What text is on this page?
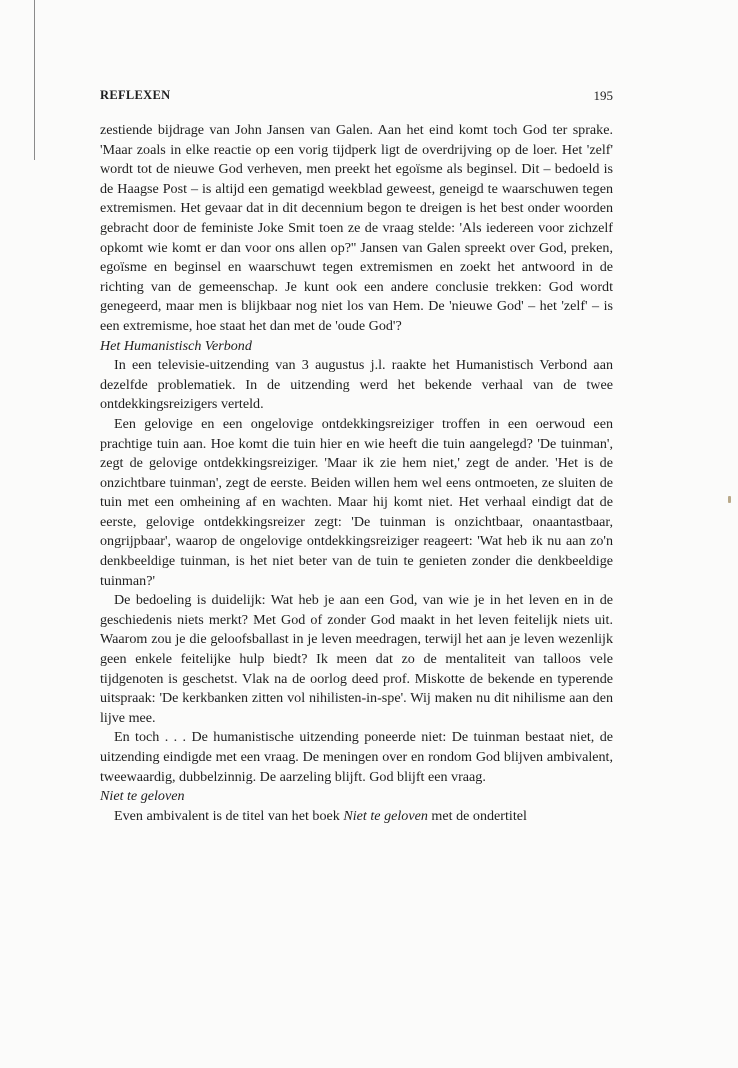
REFLEXEN	195

zestiende bijdrage van John Jansen van Galen. Aan het eind komt toch God ter sprake. 'Maar zoals in elke reactie op een vorig tijdperk ligt de overdrijving op de loer. Het 'zelf' wordt tot de nieuwe God verheven, men preekt het egoïsme als beginsel. Dit – bedoeld is de Haagse Post – is altijd een gematigd weekblad geweest, geneigd te waarschuwen tegen extremismen. Het gevaar dat in dit decennium begon te dreigen is het best onder woorden gebracht door de feministe Joke Smit toen ze de vraag stelde: 'Als iedereen voor zichzelf opkomt wie komt er dan voor ons allen op?'' Jansen van Galen spreekt over God, preken, egoïsme en beginsel en waarschuwt tegen extremismen en zoekt het antwoord in de richting van de gemeenschap. Je kunt ook een andere conclusie trekken: God wordt genegeerd, maar men is blijkbaar nog niet los van Hem. De 'nieuwe God' – het 'zelf' – is een extremisme, hoe staat het dan met de 'oude God'?

Het Humanistisch Verbond

In een televisie-uitzending van 3 augustus j.l. raakte het Humanistisch Verbond aan dezelfde problematiek. In de uitzending werd het bekende verhaal van de twee ontdekkingsreizigers verteld.

Een gelovige en een ongelovige ontdekkingsreiziger troffen in een oerwoud een prachtige tuin aan. Hoe komt die tuin hier en wie heeft die tuin aangelegd? 'De tuinman', zegt de gelovige ontdekkingsreiziger. 'Maar ik zie hem niet,' zegt de ander. 'Het is de onzichtbare tuinman', zegt de eerste. Beiden willen hem wel eens ontmoeten, ze sluiten de tuin met een omheining af en wachten. Maar hij komt niet. Het verhaal eindigt dat de eerste, gelovige ontdekkingsreizer zegt: 'De tuinman is onzichtbaar, onaantastbaar, ongrijpbaar', waarop de ongelovige ontdekkingsreiziger reageert: 'Wat heb ik nu aan zo'n denkbeeldige tuinman, is het niet beter van de tuin te genieten zonder die denkbeeldige tuinman?'

De bedoeling is duidelijk: Wat heb je aan een God, van wie je in het leven en in de geschiedenis niets merkt? Met God of zonder God maakt in het leven feitelijk niets uit. Waarom zou je die geloofsballast in je leven meedragen, terwijl het aan je leven wezenlijk geen enkele feitelijke hulp biedt? Ik meen dat zo de mentaliteit van talloos vele tijdgenoten is geschetst. Vlak na de oorlog deed prof. Miskotte de bekende en typerende uitspraak: 'De kerkbanken zitten vol nihilisten-in-spe'. Wij maken nu dit nihilisme aan den lijve mee.

En toch . . . De humanistische uitzending poneerde niet: De tuinman bestaat niet, de uitzending eindigde met een vraag. De meningen over en rondom God blijven ambivalent, tweewaardig, dubbelzinnig. De aarzeling blijft. God blijft een vraag.

Niet te geloven

Even ambivalent is de titel van het boek Niet te geloven met de ondertitel
